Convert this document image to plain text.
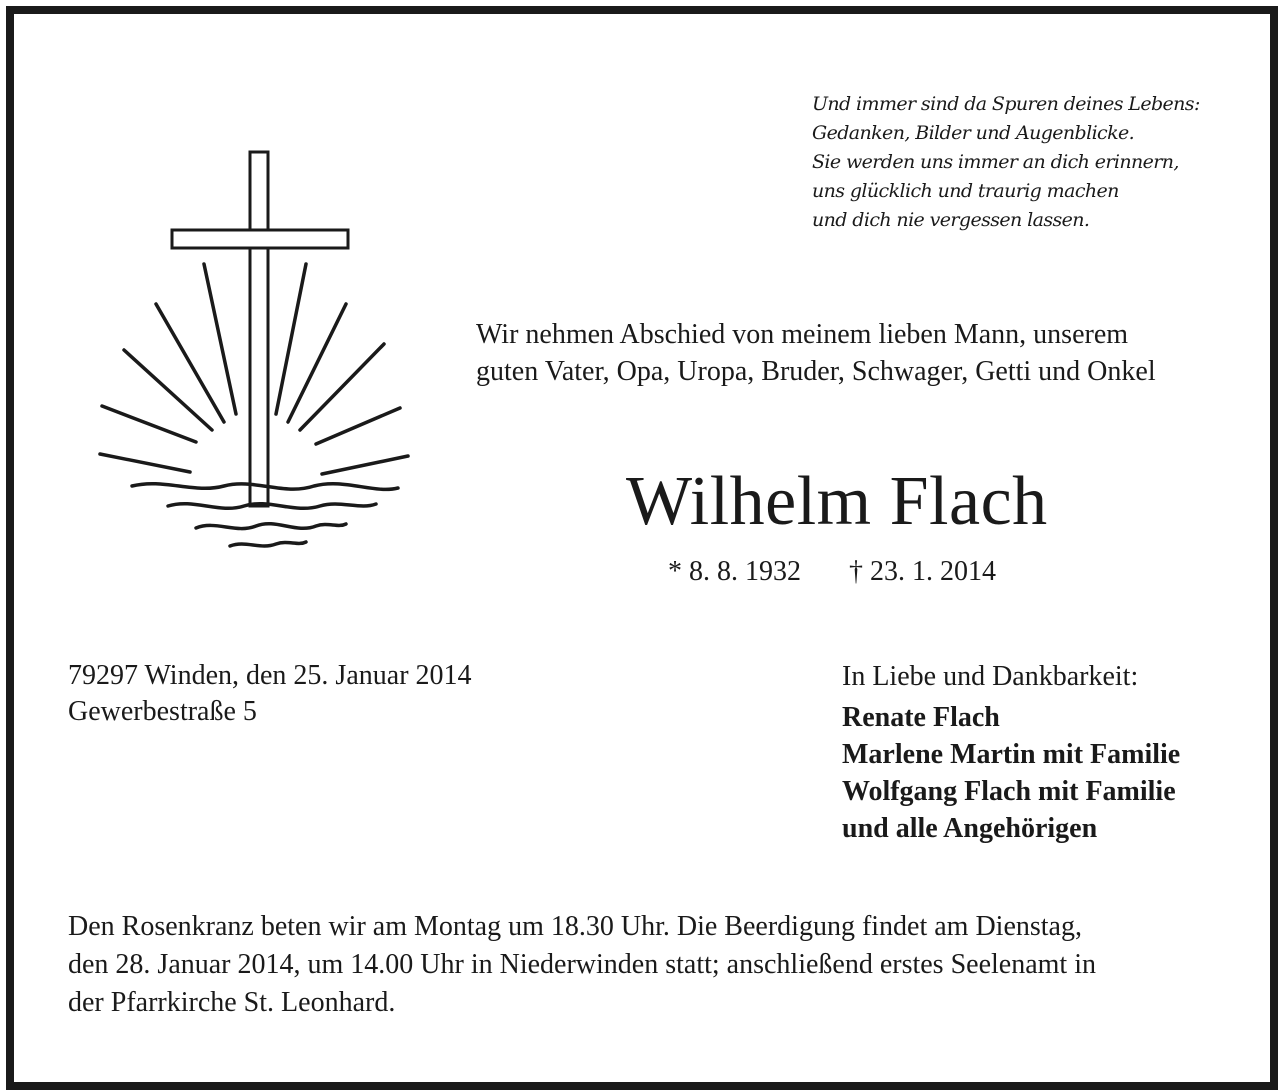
Und immer sind da Spuren deines Lebens:
Gedanken, Bilder und Augenblicke.
Sie werden uns immer an dich erinnern,
uns glücklich und traurig machen
und dich nie vergessen lassen.
Wir nehmen Abschied von meinem lieben Mann, unserem
guten Vater, Opa, Uropa, Bruder, Schwager, Getti und Onkel
Wilhelm Flach
* 8. 8. 1932 † 23. 1. 2014
79297 Winden, den 25. Januar 2014
Gewerbestraße 5
In Liebe und Dankbarkeit:
Renate Flach
Marlene Martin mit Familie
Wolfgang Flach mit Familie
und alle Angehörigen
Den Rosenkranz beten wir am Montag um 18.30 Uhr. Die Beerdigung findet am Dienstag,
den 28. Januar 2014, um 14.00 Uhr in Niederwinden statt; anschließend erstes Seelenamt in
der Pfarrkirche St. Leonhard.
